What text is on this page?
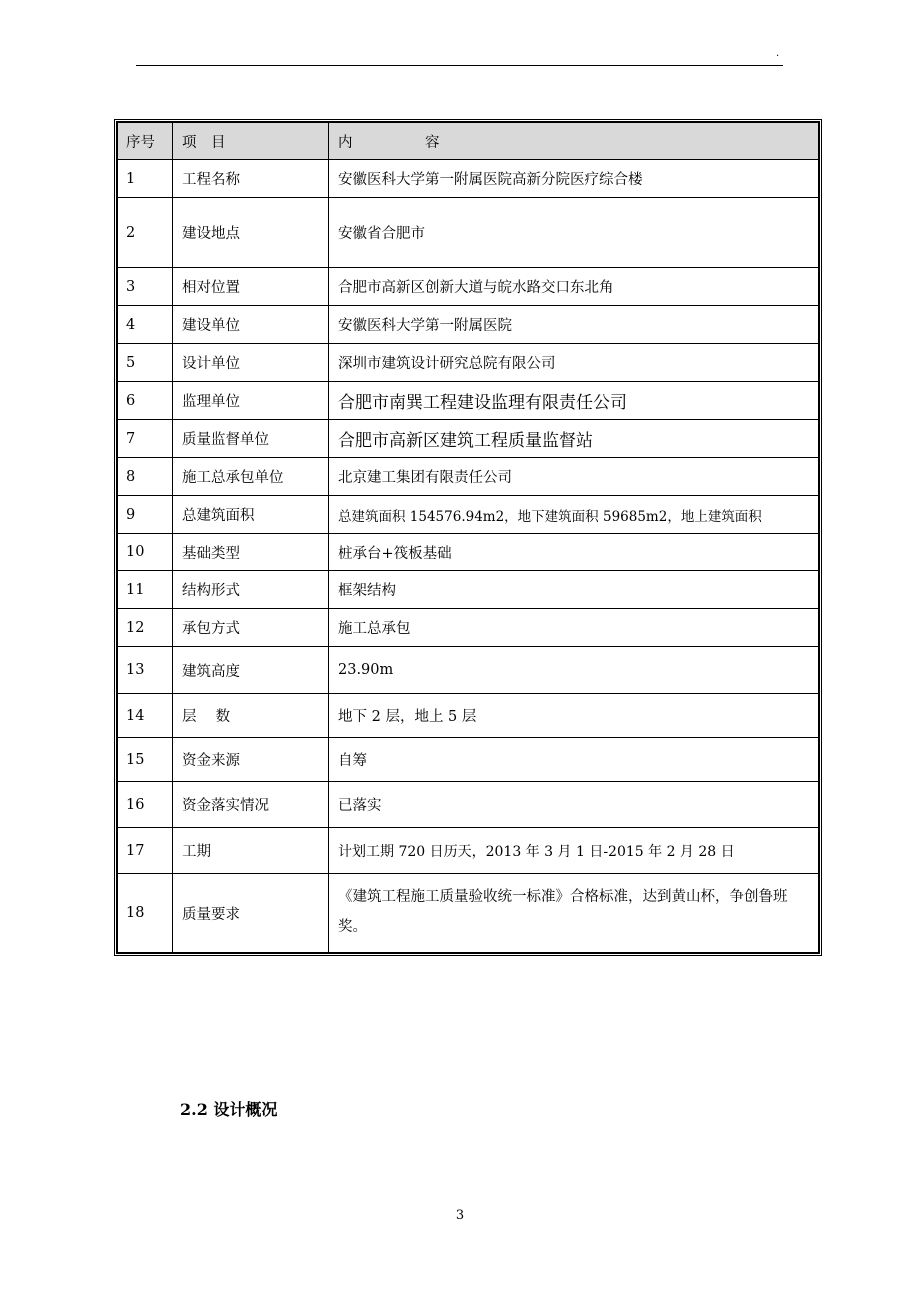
.
序号	项　目	内　　　　　容
1	工程名称	安徽医科大学第一附属医院高新分院医疗综合楼
2	建设地点	安徽省合肥市
3	相对位置	合肥市高新区创新大道与皖水路交口东北角
4	建设单位	安徽医科大学第一附属医院
5	设计单位	深圳市建筑设计研究总院有限公司
6	监理单位	合肥市南巽工程建设监理有限责任公司
7	质量监督单位	合肥市高新区建筑工程质量监督站
8	施工总承包单位	北京建工集团有限责任公司
9	总建筑面积	总建筑面积 154576.94m2，地下建筑面积 59685m2，地上建筑面积
10	基础类型	桩承台+筏板基础
11	结构形式	框架结构
12	承包方式	施工总承包
13	建筑高度	23.90m
14	层　 数	地下 2 层，地上 5 层
15	资金来源	自筹
16	资金落实情况	已落实
17	工期	计划工期 720 日历天，2013 年 3 月 1 日-2015 年 2 月 28 日
18	质量要求	《建筑工程施工质量验收统一标准》合格标准，达到黄山杯，争创鲁班奖。
2.2 设计概况
3
